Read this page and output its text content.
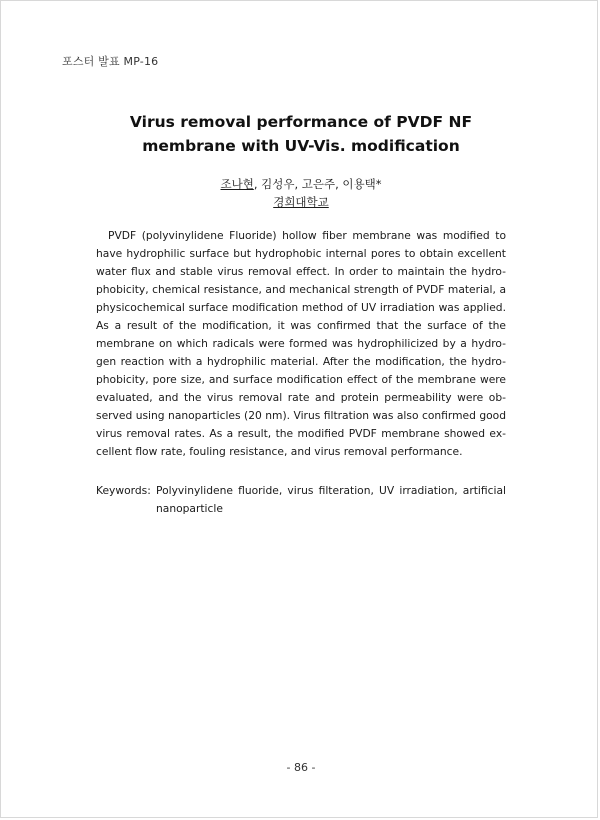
포스터 발표 MP-16
Virus removal performance of PVDF NF membrane with UV-Vis. modification
조나현, 김성우, 고은주, 이용택*
경희대학교

PVDF (polyvinylidene Fluoride) hollow fiber membrane was modified to have hydrophilic surface but hydrophobic internal pores to obtain excellent water flux and stable virus removal effect. In order to maintain the hydro-phobicity, chemical resistance, and mechanical strength of PVDF material, a physicochemical surface modification method of UV irradiation was applied. As a result of the modification, it was confirmed that the surface of the membrane on which radicals were formed was hydrophilicized by a hydro-gen reaction with a hydrophilic material. After the modification, the hydro-phobicity, pore size, and surface modification effect of the membrane were evaluated, and the virus removal rate and protein permeability were ob-served using nanoparticles (20 nm). Virus filtration was also confirmed good virus removal rates. As a result, the modified PVDF membrane showed ex-cellent flow rate, fouling resistance, and virus removal performance.

Keywords: Polyvinylidene fluoride, virus filteration, UV irradiation, artificial nanoparticle
- 86 -
